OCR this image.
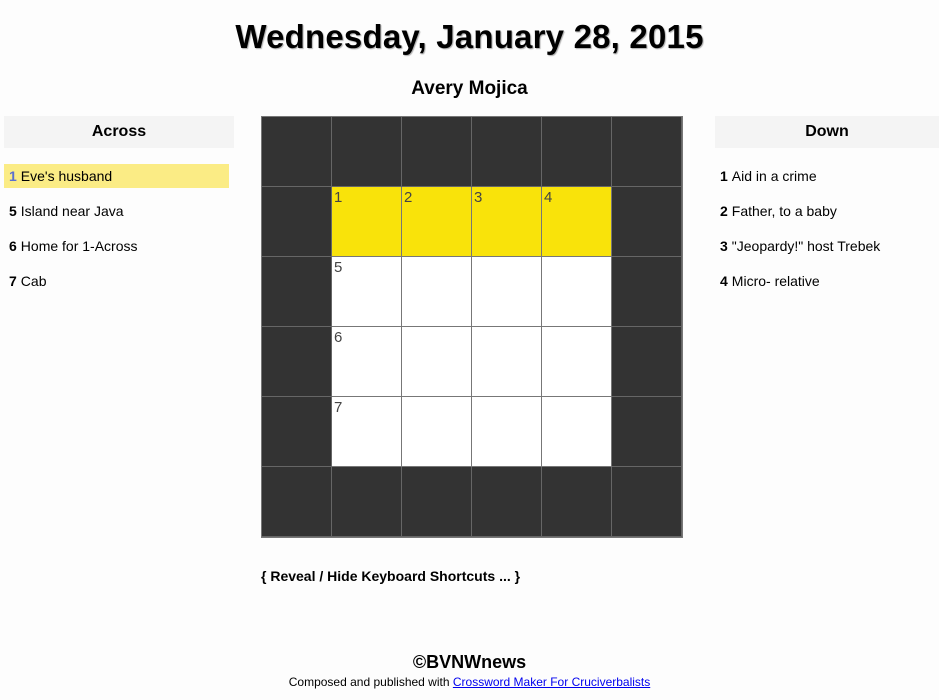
Wednesday, January 28, 2015
Avery Mojica
Across
1 Eve's husband
5 Island near Java
6 Home for 1-Across
7 Cab
1	2	3	4
5
6
7
Down
1 Aid in a crime
2 Father, to a baby
3 "Jeopardy!" host Trebek
4 Micro- relative
{ Reveal / Hide Keyboard Shortcuts ... }
©BVNWnews
Composed and published with Crossword Maker For Cruciverbalists
